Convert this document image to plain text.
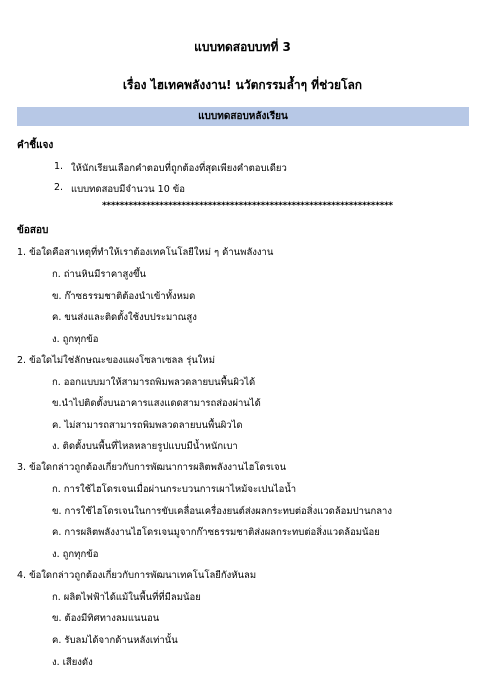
แบบทดสอบบทที่ 3
เรื่อง ไฮเทคพลังงาน! นวัตกรรมล้ำๆ ที่ช่วยโลก
แบบทดสอบหลังเรียน
คำชี้แจง
1. ให้นักเรียนเลือกคำตอบที่ถูกต้องที่สุดเพียงคำตอบเดียว
2. แบบทดสอบมีจำนวน 10 ข้อ
******************************************************************
ข้อสอบ
1. ข้อใดคือสาเหตุที่ทำให้เราต้องเทคโนโลยีใหม่ ๆ ด้านพลังงาน
ก. ถ่านหินมีราคาสูงขึ้น
ข. ก๊าซธรรมชาติต้องนำเข้าทั้งหมด
ค. ขนส่งและติดตั้งใช้งบประมาณสูง
ง. ถูกทุกข้อ
2. ข้อใดไม่ใช่ลักษณะของแผงโซลาเซลล รุ่นใหม่
ก. ออกแบบมาให้สามารถพิมพลวดลายบนพื้นผิวได้
ข.นำไปติดตั้งบนอาคารแสงแดดสามารถส่องผ่านได้
ค. ไม่สามารถสามารถพิมพลวดลายบนพื้นผิวได
ง. ติดตั้งบนพื้นที่ไหลหลายรูปแบบมีน้ำหนักเบา
3. ข้อใดกล่าวถูกต้องเกี่ยวกับการพัฒนาการผลิตพลังงานไฮโดรเจน
ก. การใช้ไฮโดรเจนเมื่อผ่านกระบวนการเผาไหม้จะเปนไอน้ำ
ข. การใช้ไฮโดรเจนในการขับเคลื่อนเครื่องยนต์ส่งผลกระทบต่อสิ่งแวดล้อมปานกลาง
ค. การผลิตพลังงานไฮโดรเจนมูจากก๊าซธรรมชาติส่งผลกระทบต่อสิ่งแวดล้อมน้อย
ง. ถูกทุกข้อ
4. ข้อใดกล่าวถูกต้องเกี่ยวกับการพัฒนาเทคโนโลยีกังหันลม
ก. ผลิตไฟฟ้าได้แม้ในพื้นที่ที่มีลมน้อย
ข. ต้องมีทิศทางลมแนนอน
ค. รับลมได้จากด้านหลังเท่านั้น
ง. เสียงดัง
